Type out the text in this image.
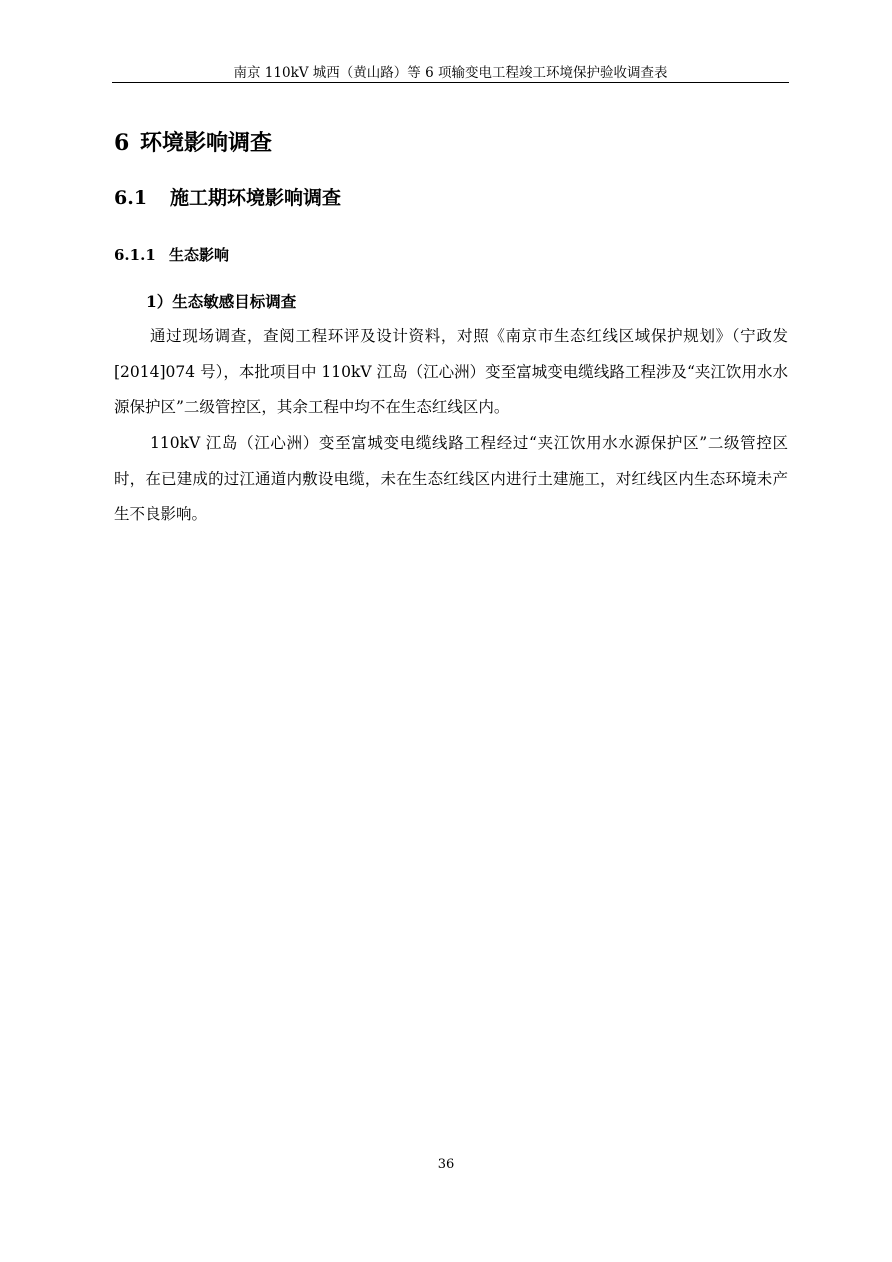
南京 110kV 城西（黄山路）等 6 项输变电工程竣工环境保护验收调查表
6 环境影响调查
6.1 施工期环境影响调查
6.1.1 生态影响
1）生态敏感目标调查

通过现场调查，查阅工程环评及设计资料，对照《南京市生态红线区域保护规划》（宁政发[2014]074 号），本批项目中 110kV 江岛（江心洲）变至富城变电缆线路工程涉及“夹江饮用水水源保护区”二级管控区，其余工程中均不在生态红线区内。

110kV 江岛（江心洲）变至富城变电缆线路工程经过“夹江饮用水水源保护区”二级管控区时，在已建成的过江通道内敷设电缆，未在生态红线区内进行土建施工，对红线区内生态环境未产生不良影响。

36
